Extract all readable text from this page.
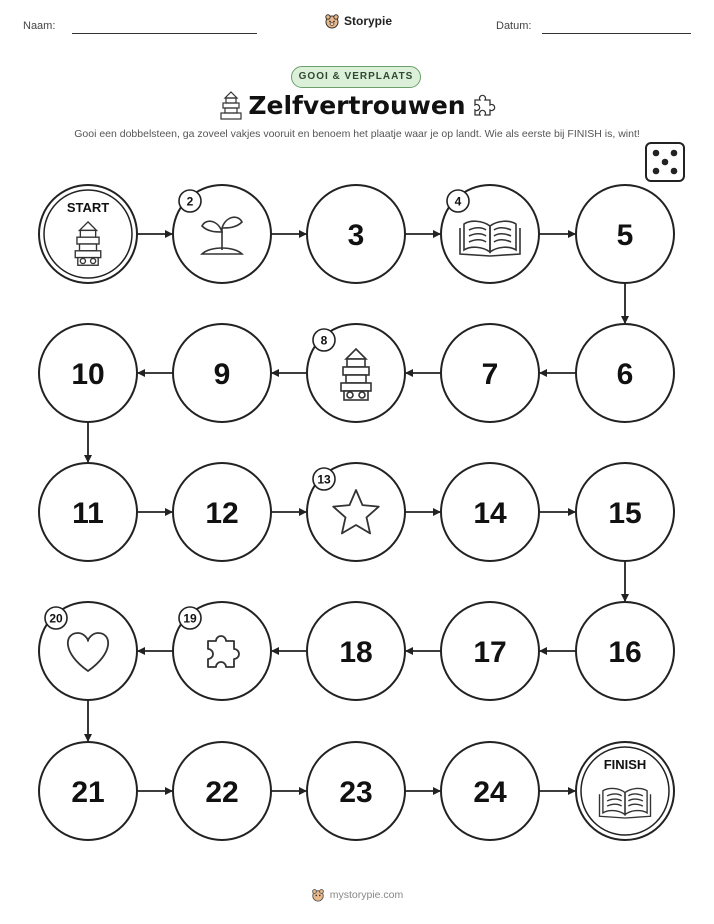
Naam:	Storypie	Datum:
GOOI & VERPLAATS
Zelfvertrouwen
Gooi een dobbelsteen, ga zoveel vakjes vooruit en benoem het plaatje waar je op landt. Wie als eerste bij FINISH is, wint!
START	2
3
4
5
6
7
8
9
10
11	12
13
14	15
16
17
18
19
20
21	22	23	24
FINISH
mystorypie.com
